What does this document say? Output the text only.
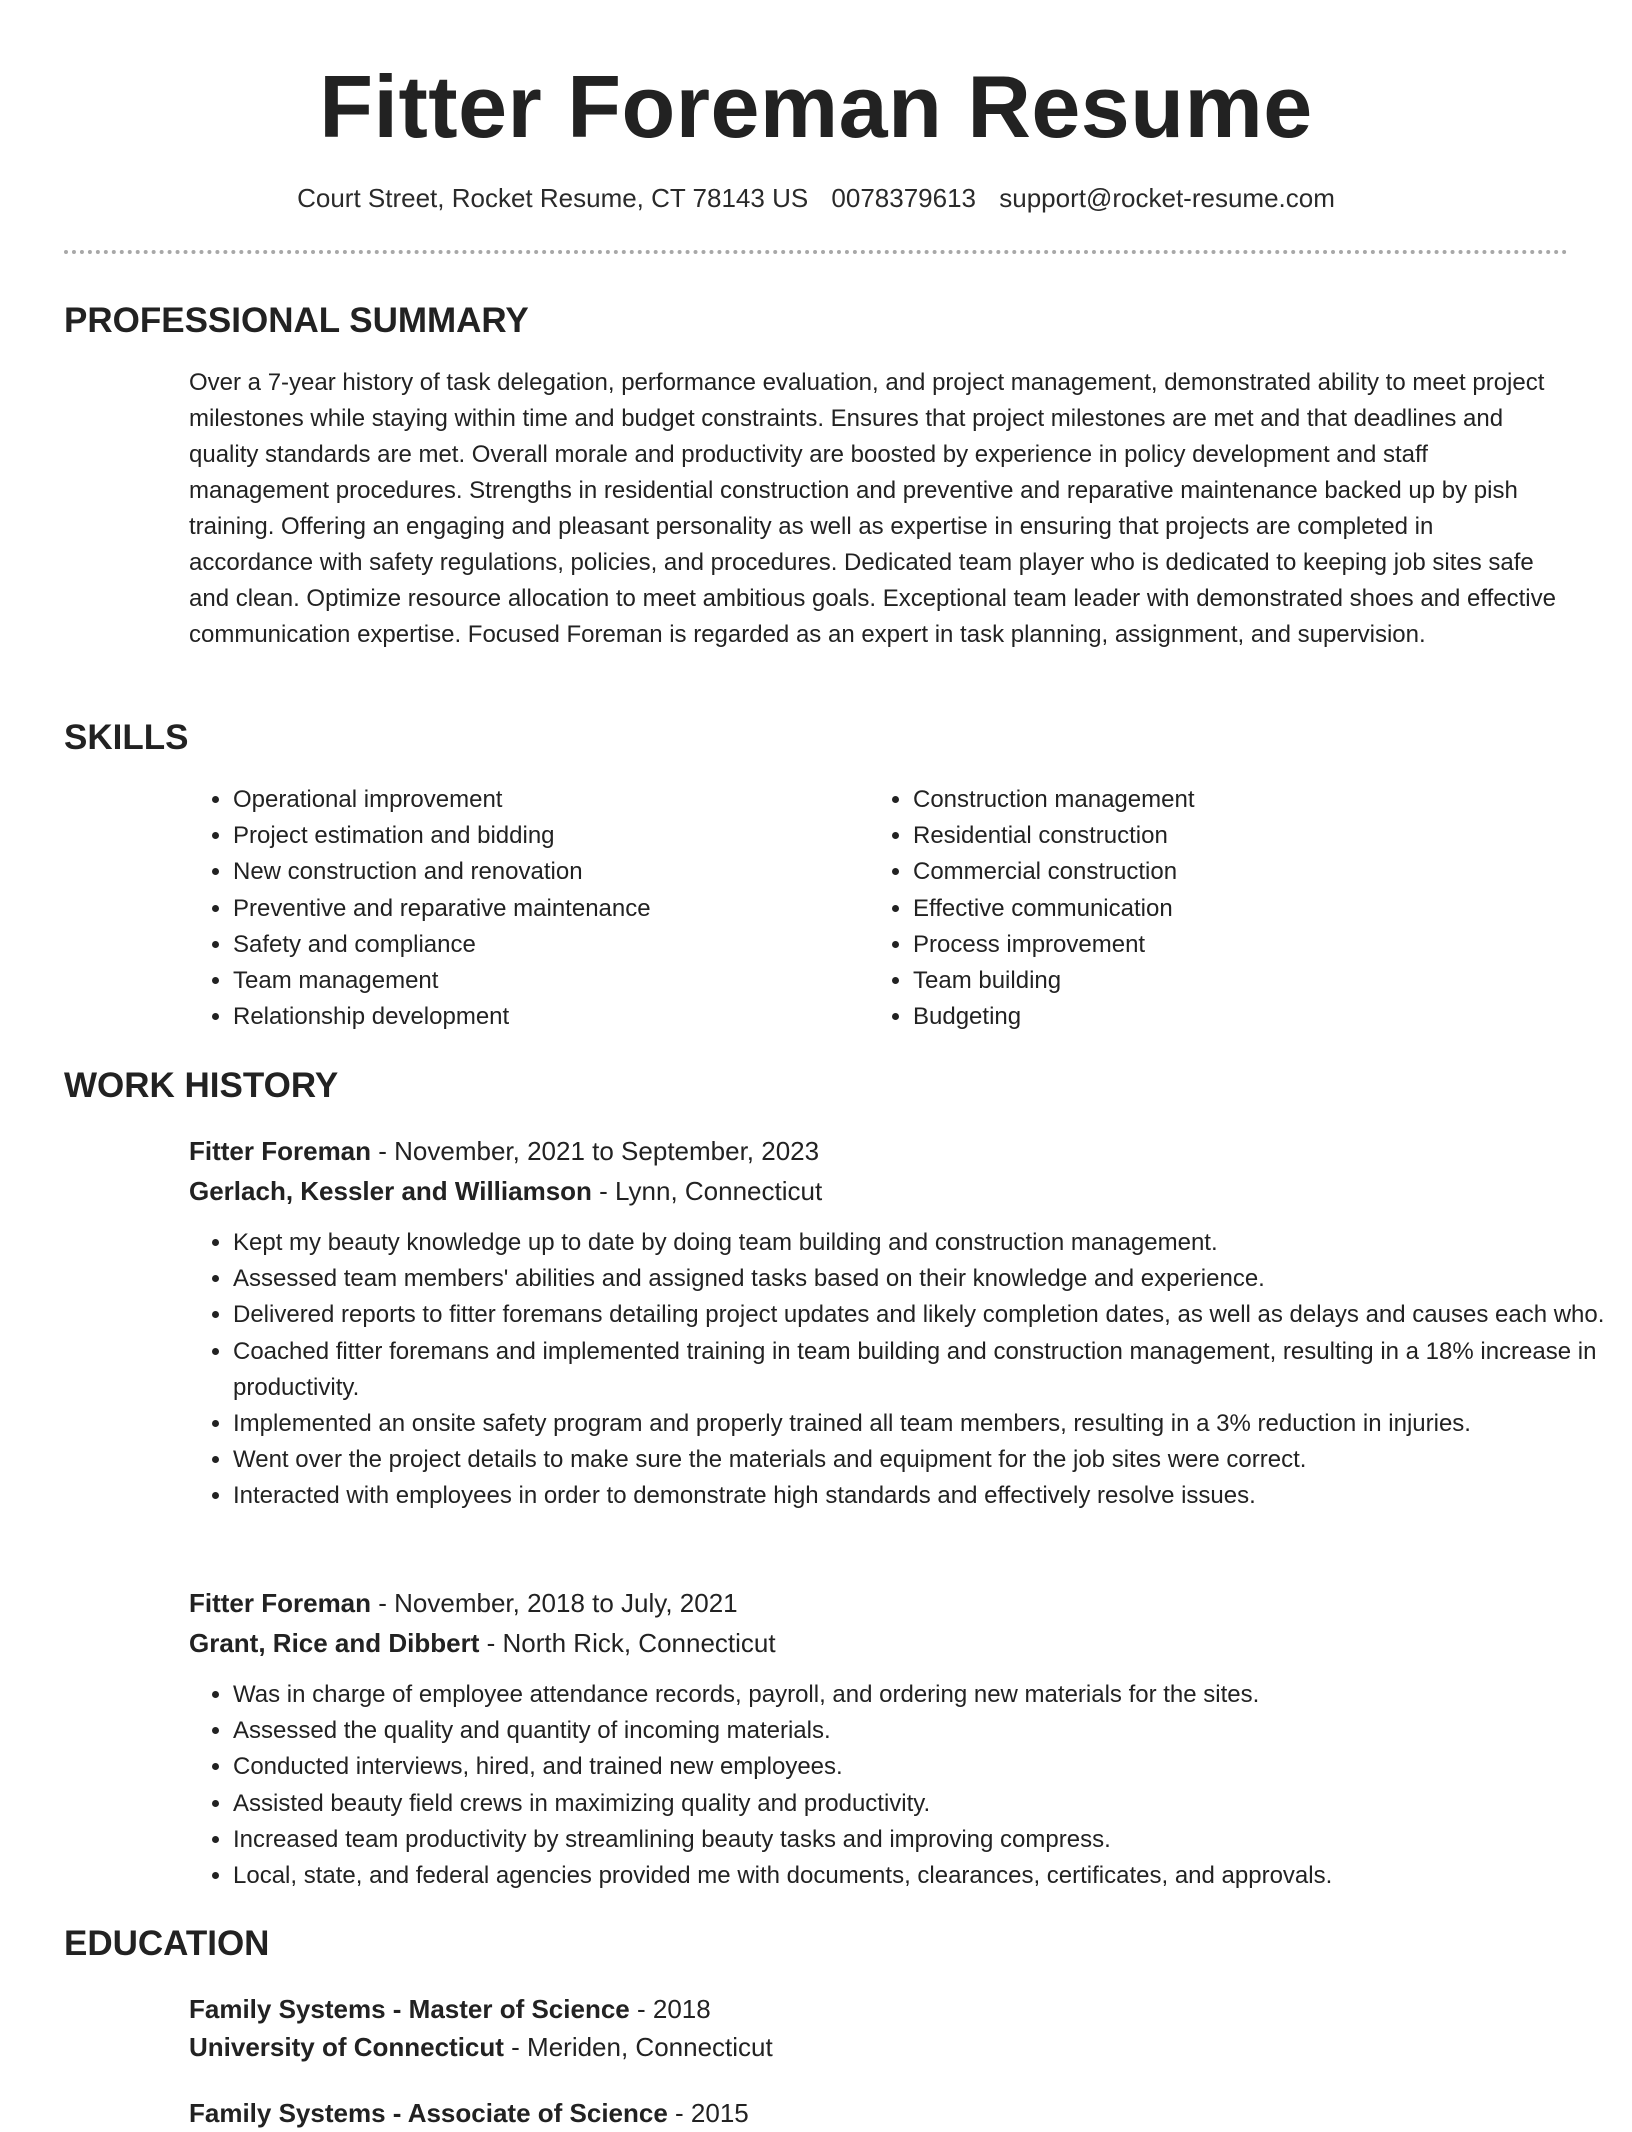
Fitter Foreman Resume
Court Street, Rocket Resume, CT 78143 US 0078379613 support@rocket-resume.com
PROFESSIONAL SUMMARY

Over a 7-year history of task delegation, performance evaluation, and project management, demonstrated ability to meet project milestones while staying within time and budget constraints. Ensures that project milestones are met and that deadlines and quality standards are met. Overall morale and productivity are boosted by experience in policy development and staff management procedures. Strengths in residential construction and preventive and reparative maintenance backed up by pish training. Offering an engaging and pleasant personality as well as expertise in ensuring that projects are completed in accordance with safety regulations, policies, and procedures. Dedicated team player who is dedicated to keeping job sites safe and clean. Optimize resource allocation to meet ambitious goals. Exceptional team leader with demonstrated shoes and effective communication expertise. Focused Foreman is regarded as an expert in task planning, assignment, and supervision.

SKILLS
• Operational improvement
• Project estimation and bidding
• New construction and renovation
• Preventive and reparative maintenance
• Safety and compliance
• Team management
• Relationship development
• Construction management
• Residential construction
• Commercial construction
• Effective communication
• Process improvement
• Team building
• Budgeting
WORK HISTORY

Fitter Foreman - November, 2021 to September, 2023

Gerlach, Kessler and Williamson - Lynn, Connecticut

• Kept my beauty knowledge up to date by doing team building and construction management.
• Assessed team members' abilities and assigned tasks based on their knowledge and experience.
• Delivered reports to fitter foremans detailing project updates and likely completion dates, as well as delays and causes each who.
• Coached fitter foremans and implemented training in team building and construction management, resulting in a 18% increase in productivity.
• Implemented an onsite safety program and properly trained all team members, resulting in a 3% reduction in injuries.
• Went over the project details to make sure the materials and equipment for the job sites were correct.
• Interacted with employees in order to demonstrate high standards and effectively resolve issues.

Fitter Foreman - November, 2018 to July, 2021

Grant, Rice and Dibbert - North Rick, Connecticut

• Was in charge of employee attendance records, payroll, and ordering new materials for the sites.
• Assessed the quality and quantity of incoming materials.
• Conducted interviews, hired, and trained new employees.
• Assisted beauty field crews in maximizing quality and productivity.
• Increased team productivity by streamlining beauty tasks and improving compress.
• Local, state, and federal agencies provided me with documents, clearances, certificates, and approvals.
EDUCATION

Family Systems - Master of Science - 2018

University of Connecticut - Meriden, Connecticut

Family Systems - Associate of Science - 2015
